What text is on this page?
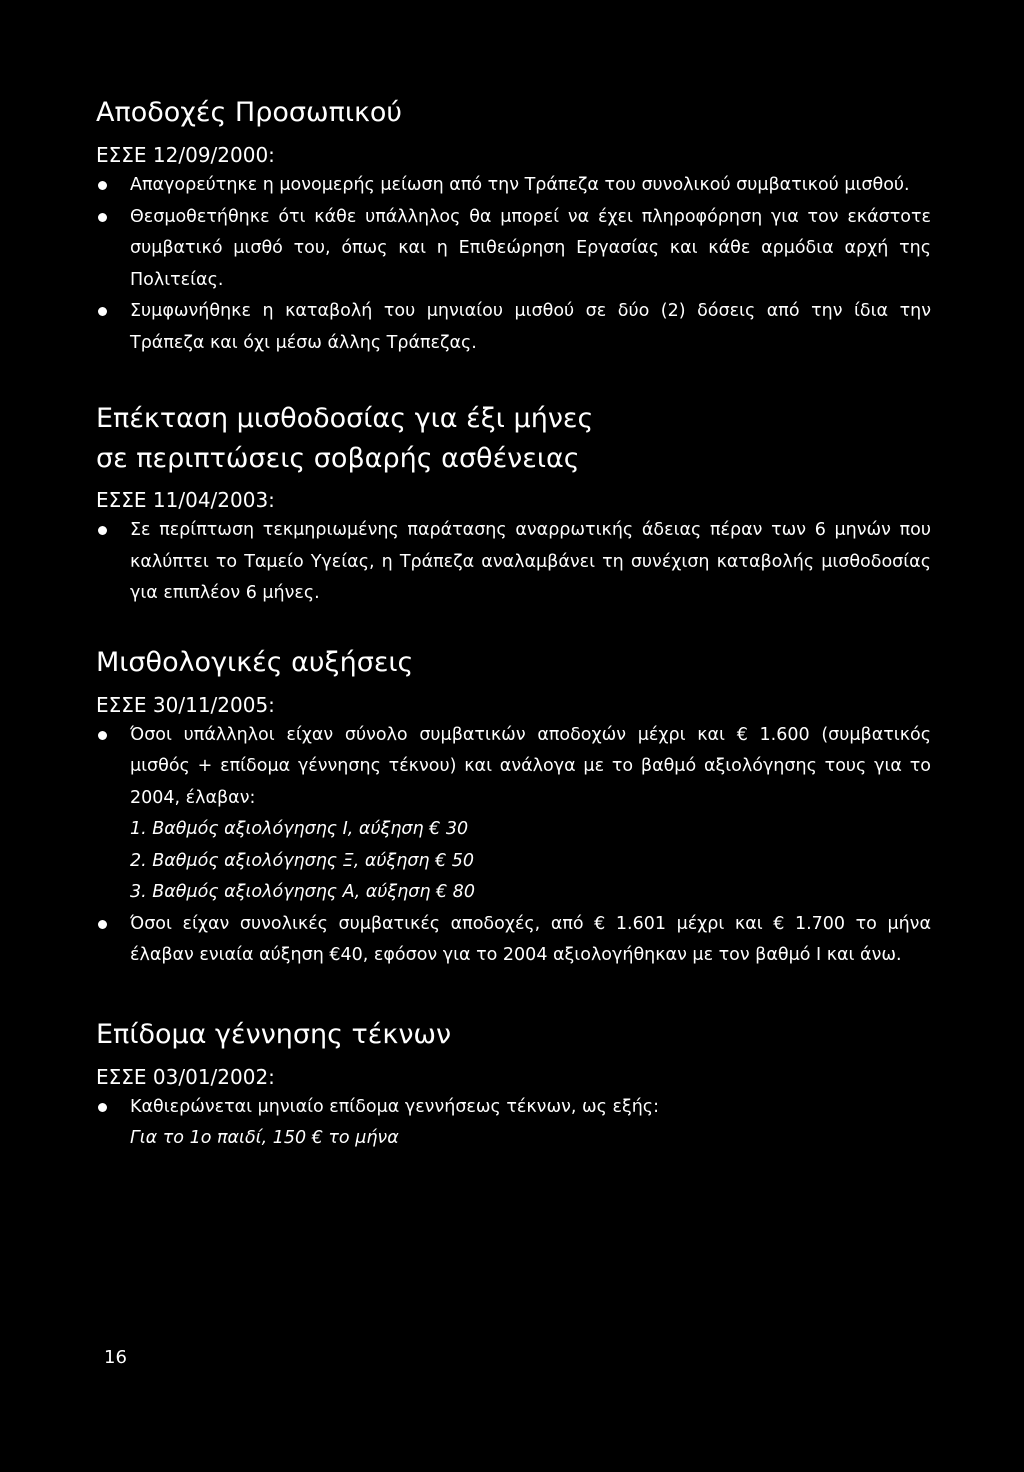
Αποδοχές Προσωπικού
ΕΣΣΕ 12/09/2000:
Απαγορεύτηκε η μονομερής μείωση από την Τράπεζα του συνολικού συμβατικού μισθού.
Θεσμοθετήθηκε ότι κάθε υπάλληλος θα μπορεί να έχει πληροφόρηση για τον εκάστοτε συμβατικό μισθό του, όπως και η Επιθεώρηση Εργασίας και κάθε αρμόδια αρχή της Πολιτείας.
Συμφωνήθηκε η καταβολή του μηνιαίου μισθού σε δύο (2) δόσεις από την ίδια την Τράπεζα και όχι μέσω άλλης Τράπεζας.
Επέκταση μισθοδοσίας για έξι μήνες
σε περιπτώσεις σοβαρής ασθένειας
ΕΣΣΕ 11/04/2003:
Σε περίπτωση τεκμηριωμένης παράτασης αναρρωτικής άδειας πέραν των 6 μηνών που καλύπτει το Ταμείο Υγείας, η Τράπεζα αναλαμβάνει τη συνέχιση καταβολής μισθοδοσίας για επιπλέον 6 μήνες.
Μισθολογικές αυξήσεις
ΕΣΣΕ 30/11/2005:
Όσοι υπάλληλοι είχαν σύνολο συμβατικών αποδοχών μέχρι και € 1.600 (συμβατικός μισθός + επίδομα γέννησης τέκνου) και ανάλογα με το βαθμό αξιολόγησης τους για το 2004, έλαβαν:
1. Βαθμός αξιολόγησης Ι, αύξηση € 30
2. Βαθμός αξιολόγησης Ξ, αύξηση € 50
3. Βαθμός αξιολόγησης Α, αύξηση € 80
Όσοι είχαν συνολικές συμβατικές αποδοχές, από € 1.601 μέχρι και € 1.700 το μήνα έλαβαν ενιαία αύξηση €40, εφόσον για το 2004 αξιολογήθηκαν με τον βαθμό Ι και άνω.
Επίδομα γέννησης τέκνων
ΕΣΣΕ 03/01/2002:
Καθιερώνεται μηνιαίο επίδομα γεννήσεως τέκνων, ως εξής:
Για το 1ο παιδί, 150 € το μήνα
16
